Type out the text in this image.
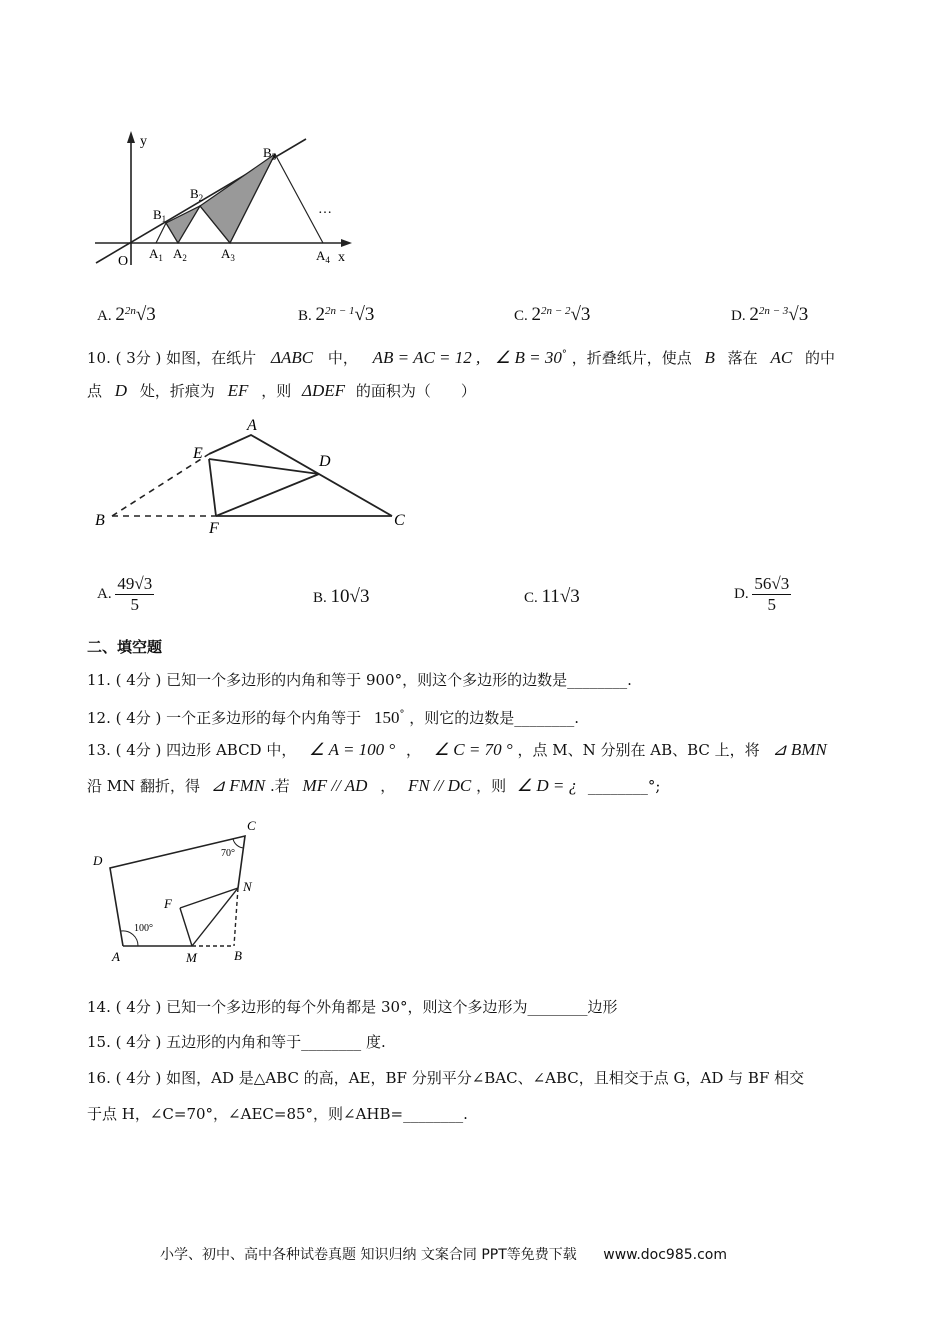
y
x
O
…
$B_1$
$B_2$
$B_3$
$A_1$ $A_2$	$A_3$	$A_4$
A. $2^{2n}√3$	B. $2^{2n - 1}√3$	C. $2^{2n - 2}√3$	D. $2^{2n - 3}√3$
10. ( 3分 ) 如图，在纸片 ΔABC 中， AB = AC = 12 , ∠ B = 30° ，折叠纸片，使点 B 落在 AC 的中
点 D 处，折痕为 EF ，则 ΔDEF 的面积为（　　）
A
E	D
B	F	C
A. $\frac{49√3}{5}$	B. 10√3	C. 11√3	D. $\frac{56√3}{5}$
二、填空题
11. ( 4分 ) 已知一个多边形的内角和等于 900°，则这个多边形的边数是________.
12. ( 4分 ) 一个正多边形的每个内角等于 150° ，则它的边数是________.
13. ( 4分 ) 四边形 ABCD 中， ∠ A = 100 ° ， ∠ C = 70 ° ，点 M、N 分别在 AB、BC 上，将 ⊿ BMN
沿 MN 翻折，得 ⊿ FMN .若 MF // AD ， FN // DC ，则 ∠ D = ¿ ________°;
D
C
N
F
A	M	B
100°
70°
14. ( 4分 ) 已知一个多边形的每个外角都是 30°，则这个多边形为________边形
15. ( 4分 ) 五边形的内角和等于________ 度.
16. ( 4分 ) 如图，AD 是△ABC 的高，AE，BF 分别平分∠BAC、∠ABC，且相交于点 G，AD 与 BF 相交
于点 H，∠C=70°，∠AEC=85°，则∠AHB=________.
小学、初中、高中各种试卷真题 知识归纳 文案合同 PPT等免费下载 www.doc985.com
